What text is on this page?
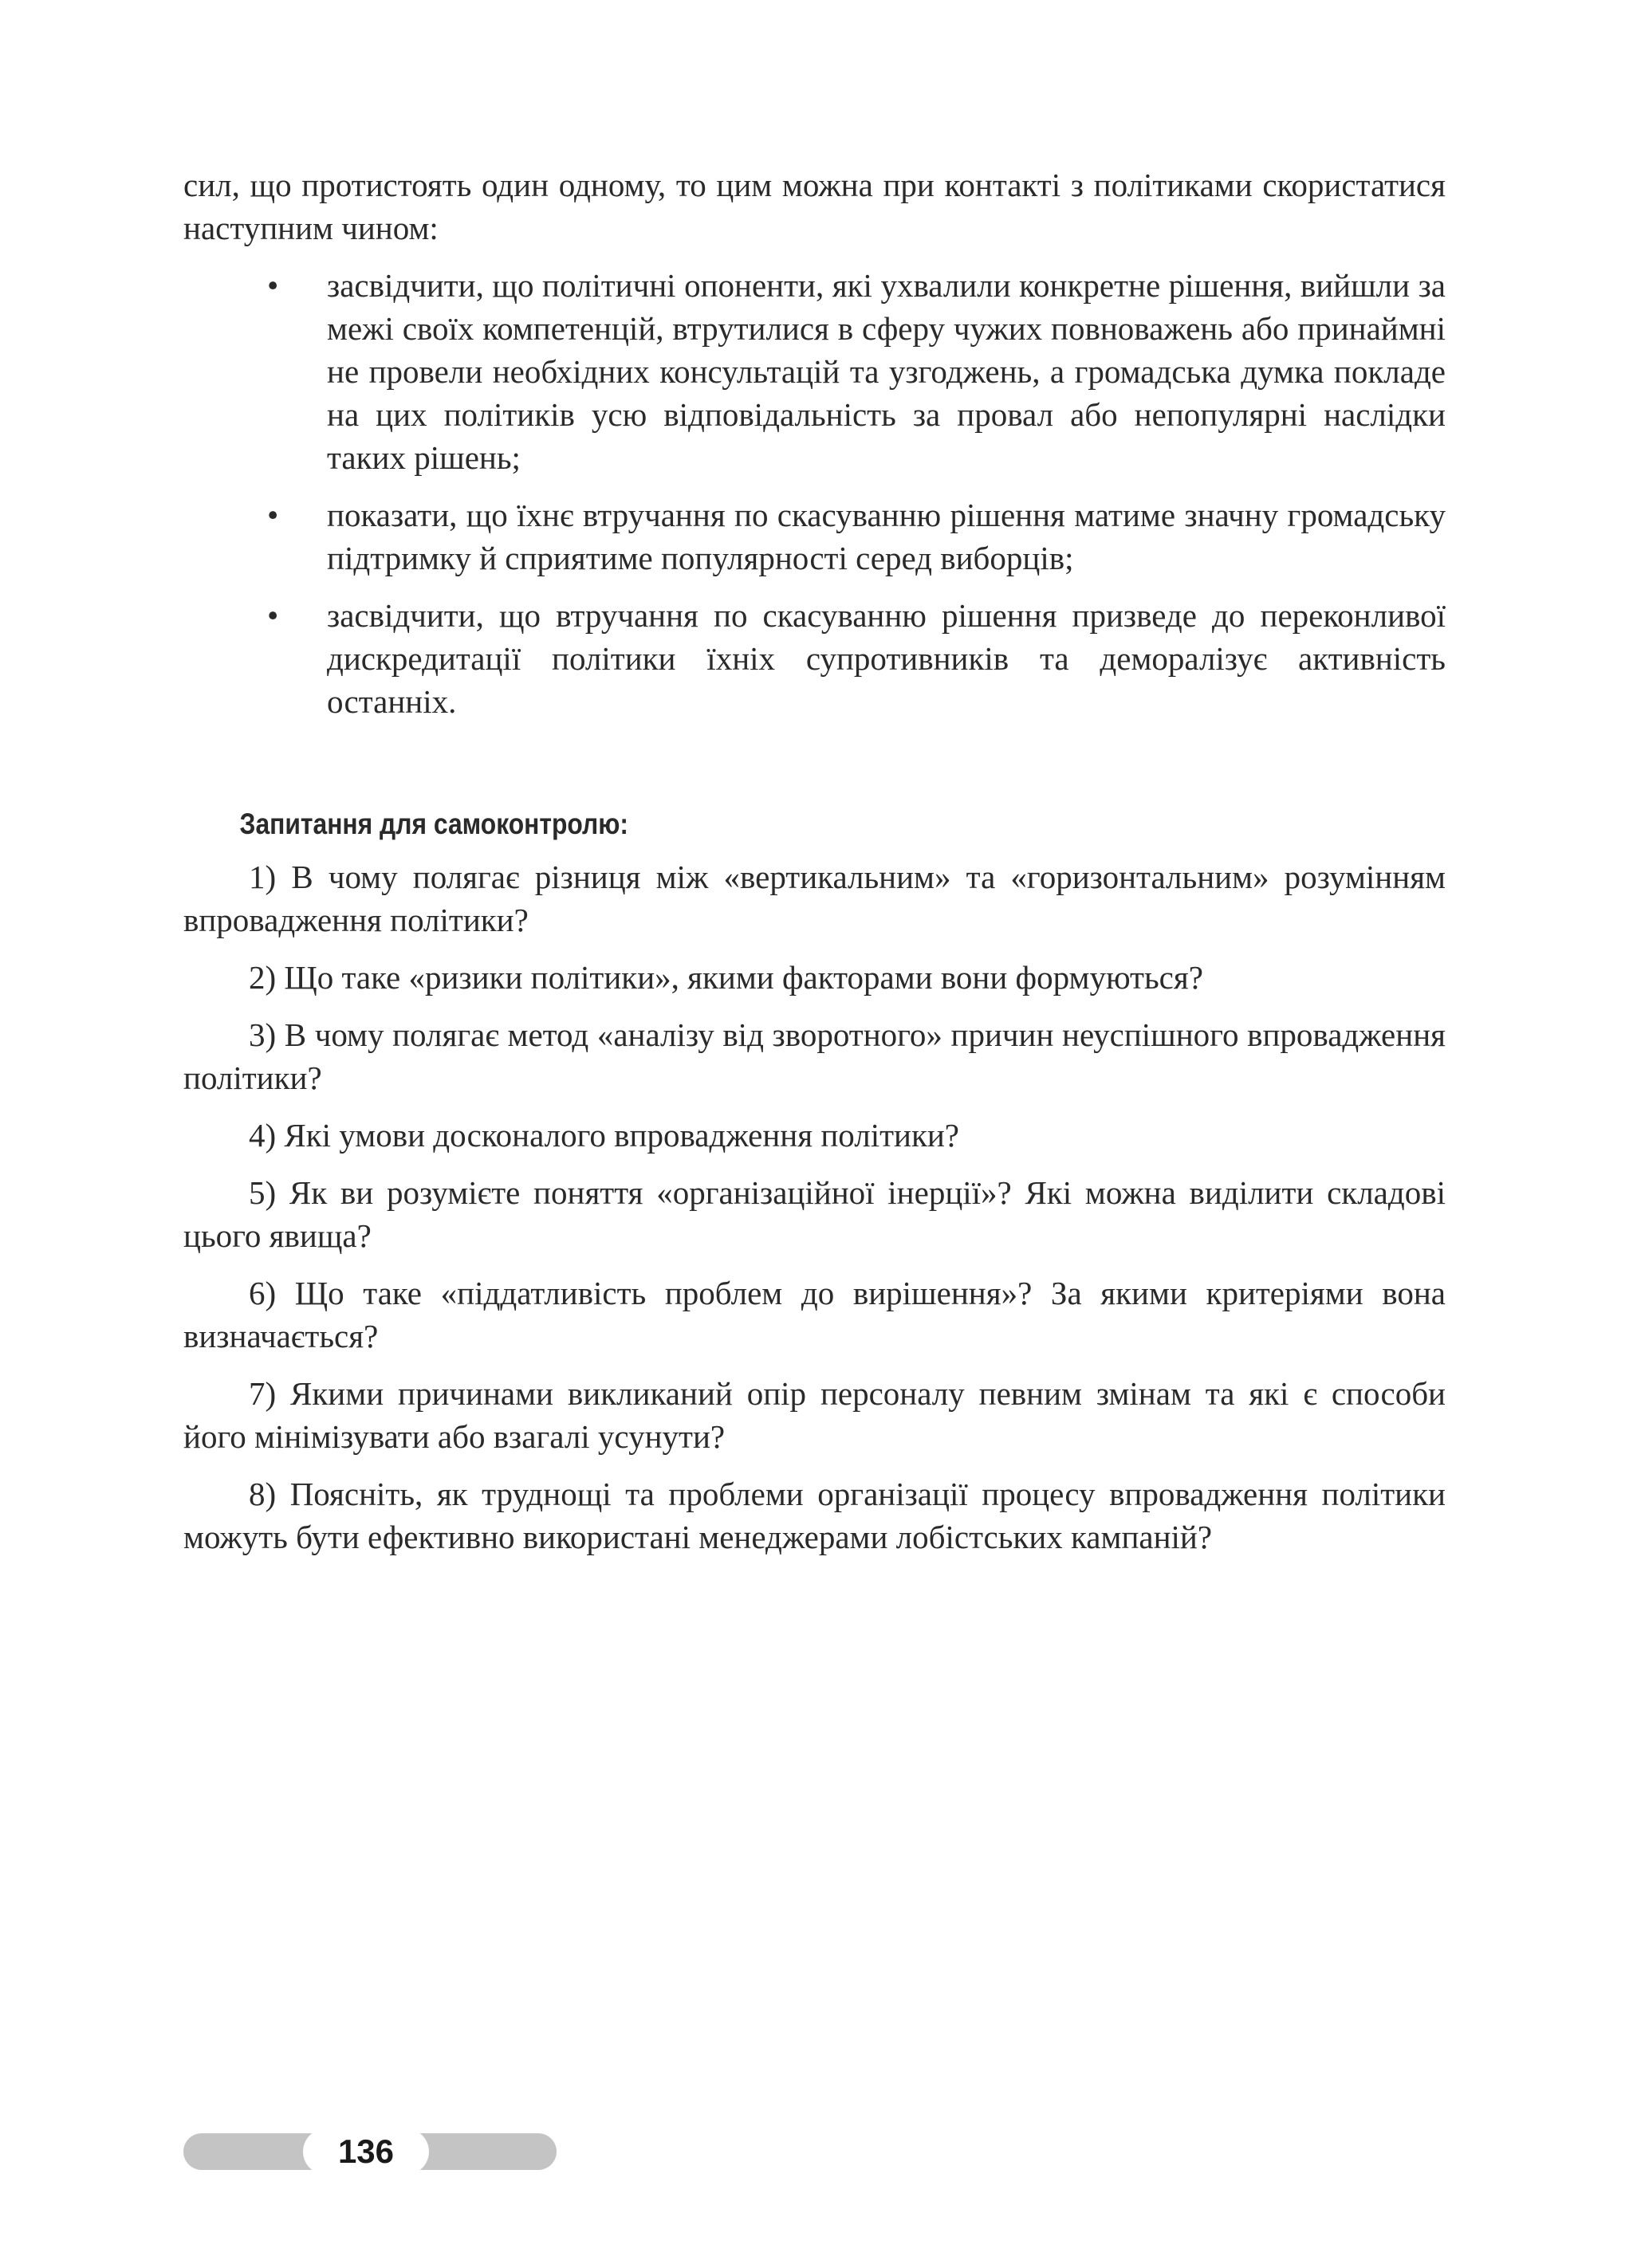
сил, що протистоять один одному, то цим можна при контакті з політиками скористатися наступним чином:

• засвідчити, що політичні опоненти, які ухвалили конкретне рішення, вийшли за межі своїх компетенцій, втрутилися в сферу чужих повноважень або принаймні не провели необхідних консультацій та узгоджень, а громадська думка покладе на цих політиків усю відповідальність за провал або непопулярні наслідки таких рішень;

• показати, що їхнє втручання по скасуванню рішення матиме значну громадську підтримку й сприятиме популярності серед виборців;

• засвідчити, що втручання по скасуванню рішення призведе до переконливої дискредитації політики їхніх супротивників та деморалізує активність останніх.

Запитання для самоконтролю:

1) В чому полягає різниця між «вертикальним» та «горизонтальним» розумінням впровадження політики?

2) Що таке «ризики політики», якими факторами вони формуються?

3) В чому полягає метод «аналізу від зворотного» причин неуспішного впровадження політики?

4) Які умови досконалого впровадження політики?

5) Як ви розумієте поняття «організаційної інерції»? Які можна виділити складові цього явища?

6) Що таке «піддатливість проблем до вирішення»? За якими критеріями вона визначається?

7) Якими причинами викликаний опір персоналу певним змінам та які є способи його мінімізувати або взагалі усунути?

8) Поясніть, як труднощі та проблеми організації процесу впровадження політики можуть бути ефективно використані менеджерами лобістських кампаній?

136
